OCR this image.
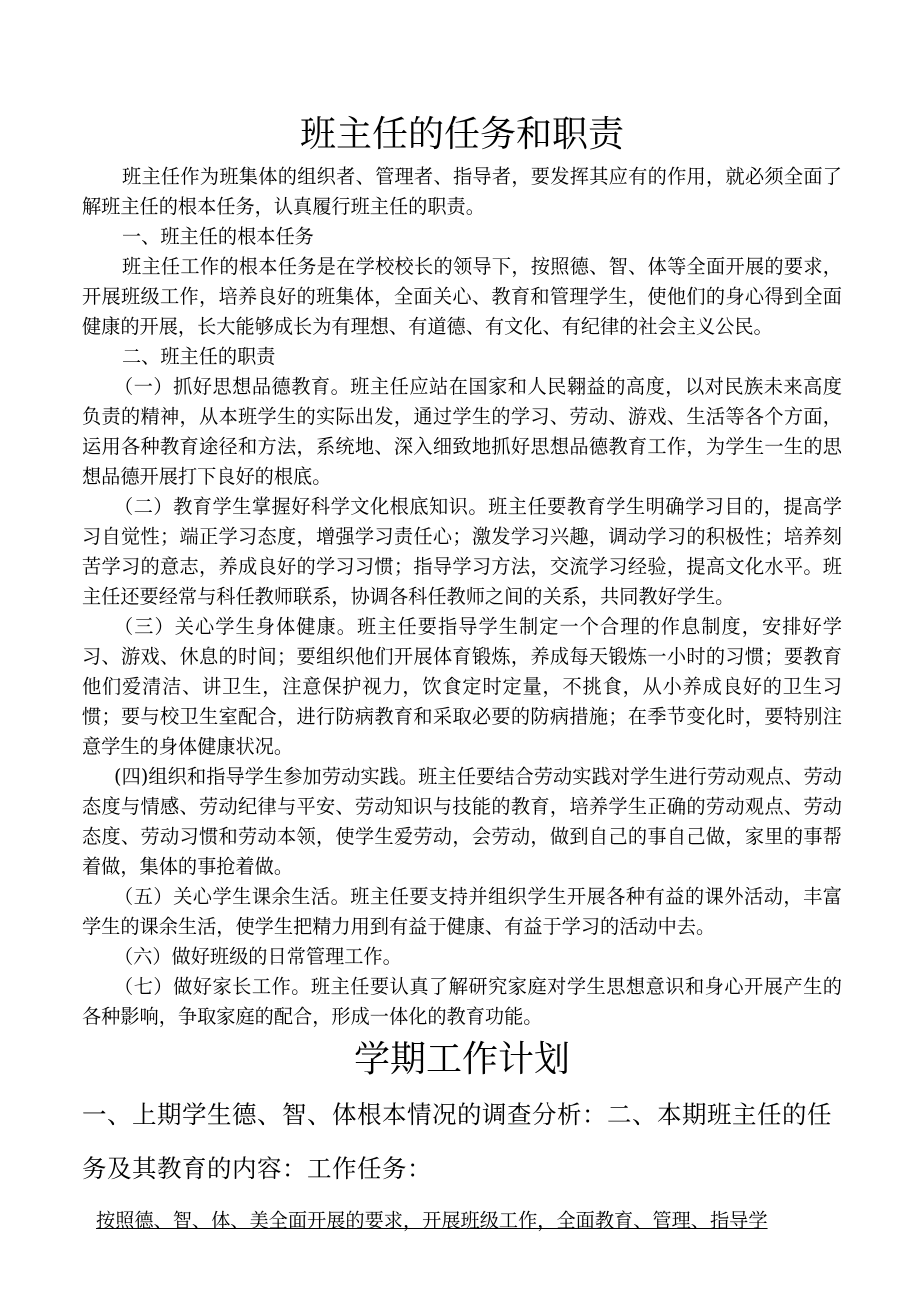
班主任的任务和职责

班主任作为班集体的组织者、管理者、指导者，要发挥其应有的作用，就必须全面了解班主任的根本任务，认真履行班主任的职责。

一、班主任的根本任务

班主任工作的根本任务是在学校校长的领导下，按照德、智、体等全面开展的要求，开展班级工作，培养良好的班集体，全面关心、教育和管理学生，使他们的身心得到全面健康的开展，长大能够成长为有理想、有道德、有文化、有纪律的社会主义公民。

二、班主任的职责

（一）抓好思想品德教育。班主任应站在国家和人民翱益的高度，以对民族未来高度负责的精神，从本班学生的实际出发，通过学生的学习、劳动、游戏、生活等各个方面，运用各种教育途径和方法，系统地、深入细致地抓好思想品德教育工作，为学生一生的思想品德开展打下良好的根底。

（二）教育学生掌握好科学文化根底知识。班主任要教育学生明确学习目的，提高学习自觉性；端正学习态度，增强学习责任心；激发学习兴趣，调动学习的积极性；培养刻苦学习的意志，养成良好的学习习惯；指导学习方法，交流学习经验，提高文化水平。班主任还要经常与科任教师联系，协调各科任教师之间的关系，共同教好学生。

（三）关心学生身体健康。班主任要指导学生制定一个合理的作息制度，安排好学习、游戏、休息的时间；要组织他们开展体育锻炼，养成每天锻炼一小时的习惯；要教育他们爱清洁、讲卫生，注意保护视力，饮食定时定量，不挑食，从小养成良好的卫生习惯；要与校卫生室配合，进行防病教育和采取必要的防病措施；在季节变化时，要特别注意学生的身体健康状况。

(四)组织和指导学生参加劳动实践。班主任要结合劳动实践对学生进行劳动观点、劳动态度与情感、劳动纪律与平安、劳动知识与技能的教育，培养学生正确的劳动观点、劳动态度、劳动习惯和劳动本领，使学生爱劳动，会劳动，做到自己的事自己做，家里的事帮着做，集体的事抢着做。

（五）关心学生课余生活。班主任要支持并组织学生开展各种有益的课外活动，丰富学生的课余生活，使学生把精力用到有益于健康、有益于学习的活动中去。

（六）做好班级的日常管理工作。

（七）做好家长工作。班主任要认真了解研究家庭对学生思想意识和身心开展产生的各种影响，争取家庭的配合，形成一体化的教育功能。

学期工作计划

一、上期学生德、智、体根本情况的调查分析：二、本期班主任的任务及其教育的内容：工作任务：

按照德、智、体、美全面开展的要求，开展班级工作，全面教育、管理、指导学
